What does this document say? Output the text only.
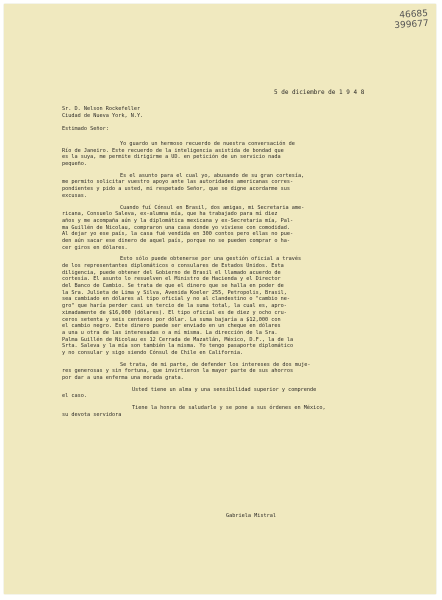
46685
399677
5 de diciembre de 1 9 4 8
Sr. D. Nelson Rockefeller
Ciudad de Nueva York, N.Y.
Estimado Señor:
Yo guardo un hermoso recuerdo de nuestra conversación de
Río de Janeiro. Este recuerdo de la inteligencia asistida de bondad que
es la suya, me permite dirigirme a UD. en petición de un servicio nada
pequeño.
Es el asunto para el cual yo, abusando de su gran cortesía,
me permito solicitar vuestro apoyo ante las autoridades americanas corres-
pondientes y pido a usted, mi respetado Señor, que se digne acordarme sus
excusas.
Cuando fuí Cónsul en Brasil, dos amigas, mi Secretaria ame-
ricana, Consuelo Saleva, ex-alumna mía, que ha trabajado para mí diez
años y me acompaña aún y la diplomática mexicana y ex-Secretaria mía, Pal-
ma Guillén de Nicolau, compraron una casa donde yo viviese con comodidad.
Al dejar yo ese país, la casa fué vendida en 300 contos pero ellas no pue-
den aún sacar ese dinero de aquel país, porque no se pueden comprar o ha-
cer giros en dólares.
Esto sólo puede obtenerse por una gestión oficial a través
de los representantes diplomáticos o consulares de Estados Unidos. Esta
diligencia, puede obtener del Gobierno de Brasil el llamado acuerdo de
cortesía. El asunto lo resuelven el Ministro de Hacienda y el Director
del Banco de Cambio. Se trata de que el dinero que se halla en poder de
la Sra. Julieta de Lima y Silva, Avenida Koeler 255, Petropolis, Brasil,
sea cambiado en dólares al tipo oficial y no al clandestino o "cambio ne-
gro" que haría perder casi un tercio de la suma total, la cual es, apro-
ximadamente de $16,000 (dólares). El tipo oficial es de diez y ocho cru-
ceros setenta y seis centavos por dólar. La suma bajaría a $12,000 con
el cambio negro. Este dinero puede ser enviado en un cheque en dólares
a una u otra de las interesadas o a mí misma. La dirección de la Sra.
Palma Guillén de Nicolau es 12 Cerrada de Mazatlán, México, D.F., la de la
Srta. Saleva y la mía son también la misma. Yo tengo pasaporte diplomático
y no consular y sigo siendo Cónsul de Chile en California.
Se trata, de mi parte, de defender los intereses de dos muje-
res generosas y sin fortuna, que invirtieron la mayor parte de sus ahorros
por dar a una enferma una morada grata.
Usted tiene un alma y una sensibilidad superior y comprende
el caso.
Tiene la honra de saludarle y se pone a sus órdenes en México,
su devota servidora
Gabriela Mistral
